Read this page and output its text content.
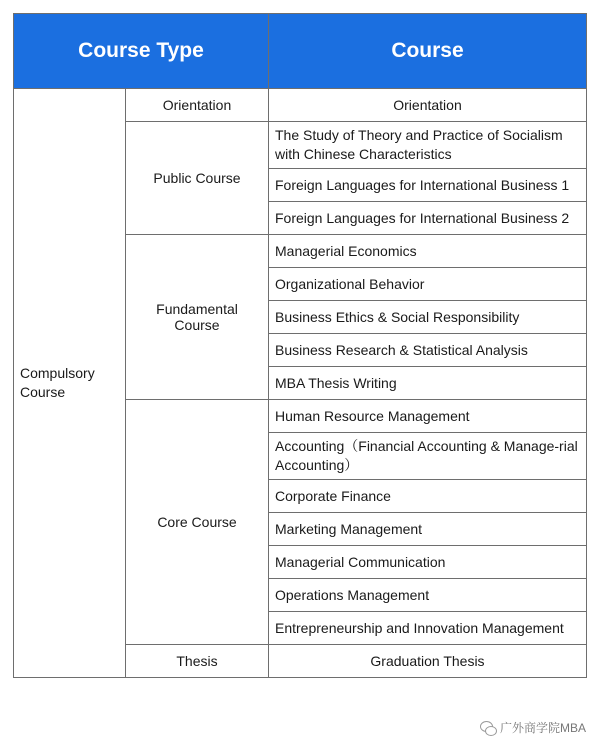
Course Type		Course
Compulsory Course	Orientation	Orientation
	Public Course	The Study of Theory and Practice of Socialism with Chinese Characteristics
		Foreign Languages for International Business 1
		Foreign Languages for International Business 2
	Fundamental Course	Managerial Economics
		Organizational Behavior
		Business Ethics & Social Responsibility
		Business Research & Statistical Analysis
		MBA Thesis Writing
	Core Course	Human Resource Management
		Accounting（Financial Accounting & Manage-rial Accounting）
		Corporate Finance
		Marketing Management
		Managerial Communication
		Operations Management
		Entrepreneurship and Innovation Management
	Thesis	Graduation Thesis
广外商学院MBA
